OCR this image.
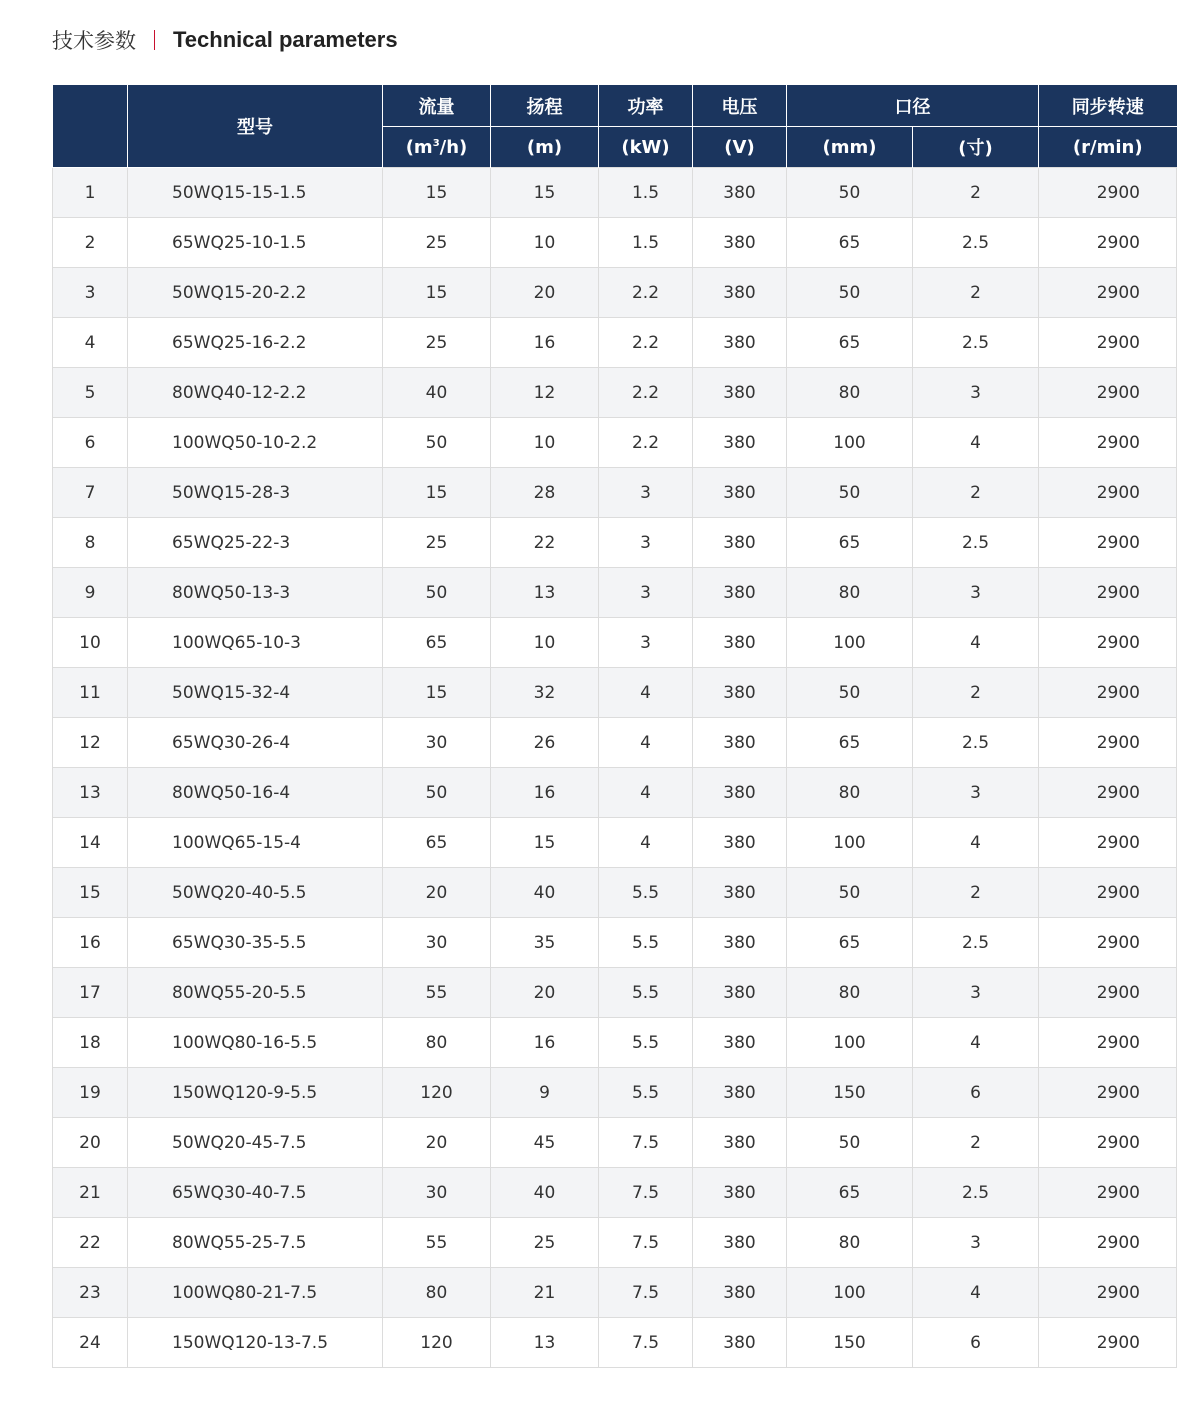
技术参数 Technical parameters
	型号	流量	扬程	功率	电压	口径		同步转速
		$(m^3/h)$	(m)	(kW)	(V)	(mm)	(寸)	(r/min)
1	50WQ15-15-1.5	15	15	1.5	380	50	2	2900
2	65WQ25-10-1.5	25	10	1.5	380	65	2.5	2900
3	50WQ15-20-2.2	15	20	2.2	380	50	2	2900
4	65WQ25-16-2.2	25	16	2.2	380	65	2.5	2900
5	80WQ40-12-2.2	40	12	2.2	380	80	3	2900
6	100WQ50-10-2.2	50	10	2.2	380	100	4	2900
7	50WQ15-28-3	15	28	3	380	50	2	2900
8	65WQ25-22-3	25	22	3	380	65	2.5	2900
9	80WQ50-13-3	50	13	3	380	80	3	2900
10	100WQ65-10-3	65	10	3	380	100	4	2900
11	50WQ15-32-4	15	32	4	380	50	2	2900
12	65WQ30-26-4	30	26	4	380	65	2.5	2900
13	80WQ50-16-4	50	16	4	380	80	3	2900
14	100WQ65-15-4	65	15	4	380	100	4	2900
15	50WQ20-40-5.5	20	40	5.5	380	50	2	2900
16	65WQ30-35-5.5	30	35	5.5	380	65	2.5	2900
17	80WQ55-20-5.5	55	20	5.5	380	80	3	2900
18	100WQ80-16-5.5	80	16	5.5	380	100	4	2900
19	150WQ120-9-5.5	120	9	5.5	380	150	6	2900
20	50WQ20-45-7.5	20	45	7.5	380	50	2	2900
21	65WQ30-40-7.5	30	40	7.5	380	65	2.5	2900
22	80WQ55-25-7.5	55	25	7.5	380	80	3	2900
23	100WQ80-21-7.5	80	21	7.5	380	100	4	2900
24	150WQ120-13-7.5	120	13	7.5	380	150	6	2900
